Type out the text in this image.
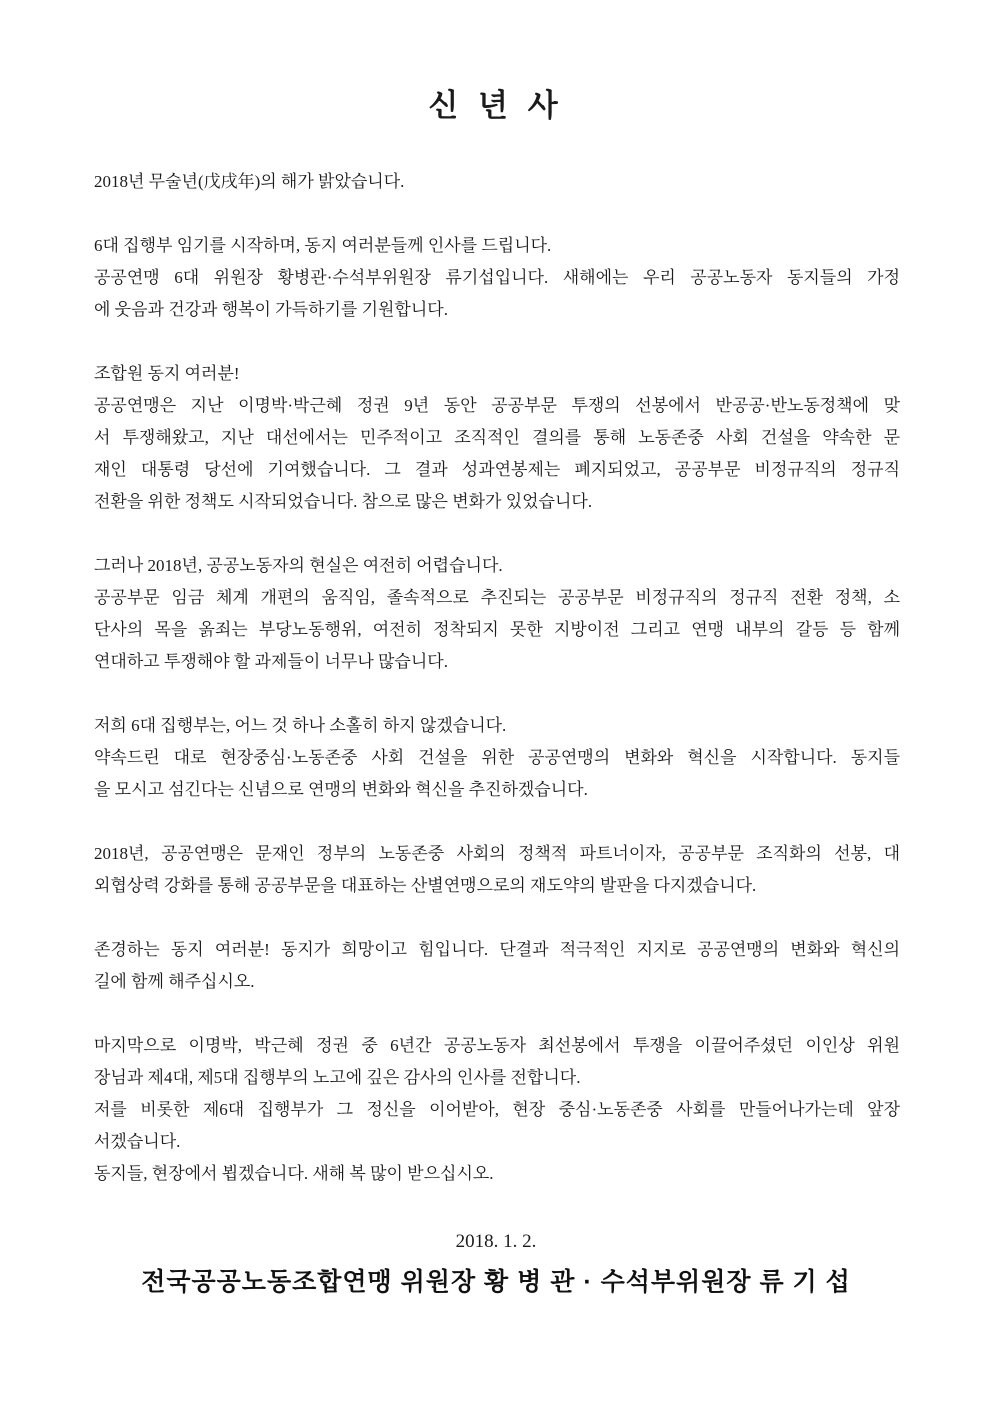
신 년 사
2018년 무술년(戊戌年)의 해가 밝았습니다.
6대 집행부 임기를 시작하며, 동지 여러분들께 인사를 드립니다.
공공연맹 6대 위원장 황병관·수석부위원장 류기섭입니다. 새해에는 우리 공공노동자 동지들의 가정
에 웃음과 건강과 행복이 가득하기를 기원합니다.
조합원 동지 여러분!
공공연맹은 지난 이명박·박근혜 정권 9년 동안 공공부문 투쟁의 선봉에서 반공공·반노동정책에 맞
서 투쟁해왔고, 지난 대선에서는 민주적이고 조직적인 결의를 통해 노동존중 사회 건설을 약속한 문
재인 대통령 당선에 기여했습니다. 그 결과 성과연봉제는 폐지되었고, 공공부문 비정규직의 정규직
전환을 위한 정책도 시작되었습니다. 참으로 많은 변화가 있었습니다.
그러나 2018년, 공공노동자의 현실은 여전히 어렵습니다.
공공부문 임금 체계 개편의 움직임, 졸속적으로 추진되는 공공부문 비정규직의 정규직 전환 정책, 소
단사의 목을 옭죄는 부당노동행위, 여전히 정착되지 못한 지방이전 그리고 연맹 내부의 갈등 등 함께
연대하고 투쟁해야 할 과제들이 너무나 많습니다.
저희 6대 집행부는, 어느 것 하나 소홀히 하지 않겠습니다.
약속드린 대로 현장중심·노동존중 사회 건설을 위한 공공연맹의 변화와 혁신을 시작합니다. 동지들
을 모시고 섬긴다는 신념으로 연맹의 변화와 혁신을 추진하겠습니다.
2018년, 공공연맹은 문재인 정부의 노동존중 사회의 정책적 파트너이자, 공공부문 조직화의 선봉, 대
외협상력 강화를 통해 공공부문을 대표하는 산별연맹으로의 재도약의 발판을 다지겠습니다.
존경하는 동지 여러분! 동지가 희망이고 힘입니다. 단결과 적극적인 지지로 공공연맹의 변화와 혁신의
길에 함께 해주십시오.
마지막으로 이명박, 박근혜 정권 중 6년간 공공노동자 최선봉에서 투쟁을 이끌어주셨던 이인상 위원
장님과 제4대, 제5대 집행부의 노고에 깊은 감사의 인사를 전합니다.
저를 비롯한 제6대 집행부가 그 정신을 이어받아, 현장 중심·노동존중 사회를 만들어나가는데 앞장
서겠습니다.
동지들, 현장에서 뵙겠습니다. 새해 복 많이 받으십시오.
2018. 1. 2.
전국공공노동조합연맹 위원장 황 병 관 · 수석부위원장 류 기 섭
